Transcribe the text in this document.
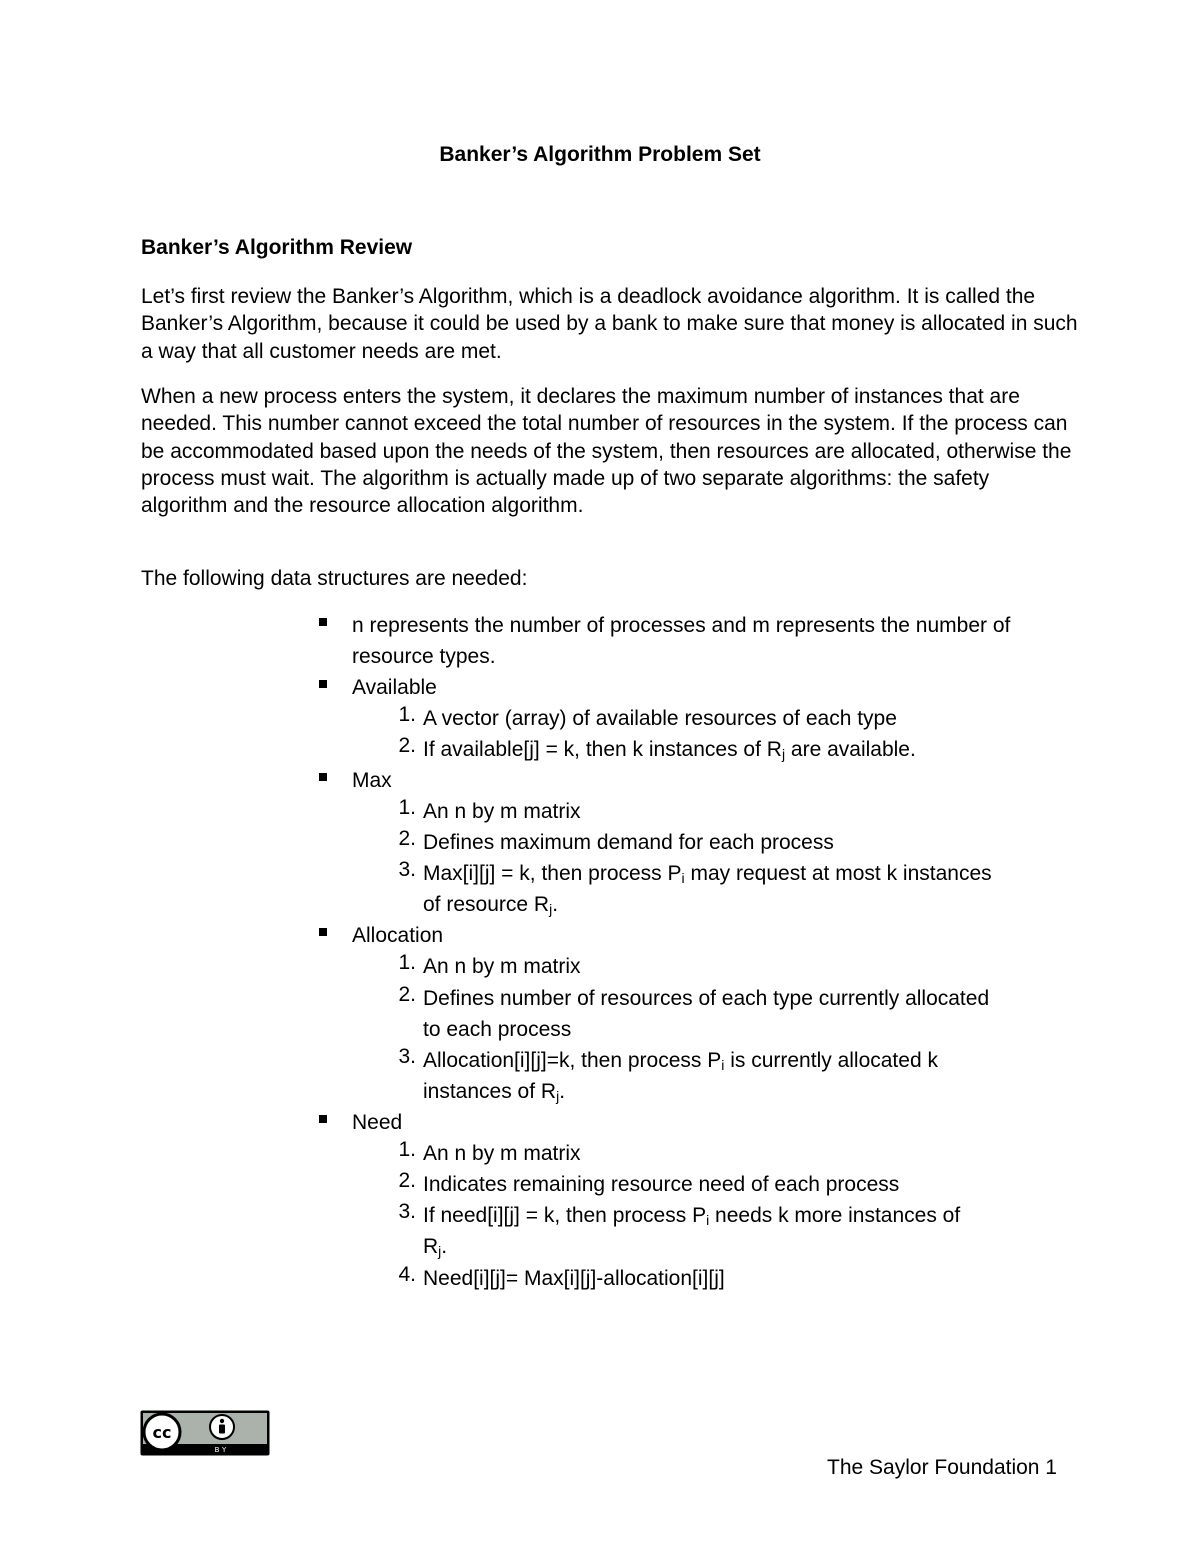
Banker’s Algorithm Problem Set
Banker’s Algorithm Review

Let’s first review the Banker’s Algorithm, which is a deadlock avoidance algorithm. It is called the Banker’s Algorithm, because it could be used by a bank to make sure that money is allocated in such a way that all customer needs are met.

When a new process enters the system, it declares the maximum number of instances that are needed. This number cannot exceed the total number of resources in the system. If the process can be accommodated based upon the needs of the system, then resources are allocated, otherwise the process must wait. The algorithm is actually made up of two separate algorithms: the safety algorithm and the resource allocation algorithm.

The following data structures are needed:

n represents the number of processes and m represents the number of resource types.
Available
1. A vector (array) of available resources of each type
2. If available[j] = k, then k instances of $R_j$ are available.
Max
1. An n by m matrix
2. Defines maximum demand for each process
3. Max[i][j] = k, then process $P_i$ may request at most k instances
of resource $R_j$.
Allocation
1. An n by m matrix
2. Defines number of resources of each type currently allocated
to each process
3. Allocation[i][j]=k, then process $P_i$ is currently allocated k
instances of $R_j$.
Need
1. An n by m matrix
2. Indicates remaining resource need of each process
3. If need[i][j] = k, then process $P_i$ needs k more instances of
$R_j$.
4. Need[i][j]= Max[i][j]-allocation[i][j]
cc
BY
The Saylor Foundation 1
